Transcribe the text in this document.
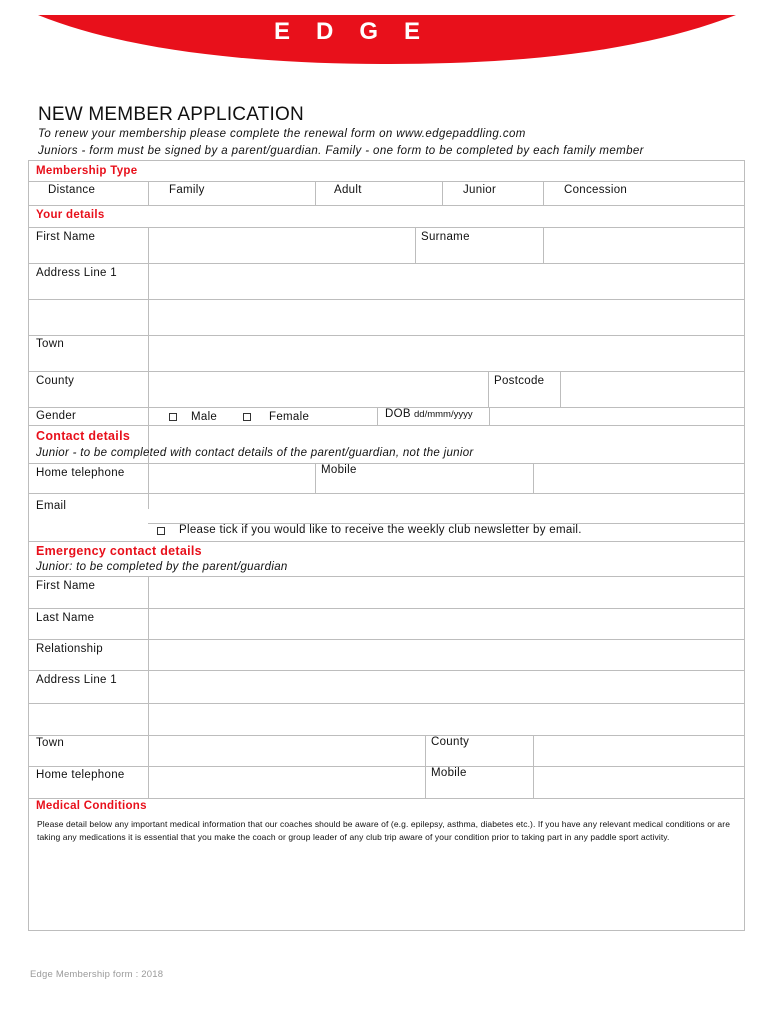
EDGE
NEW MEMBER APPLICATION
To renew your membership please complete the renewal form on www.edgepaddling.com
Juniors - form must be signed by a parent/guardian. Family - one form to be completed by each family member
Membership Type
Distance	Family	Adult	Junior	Concession
Your details
First Name	Surname
Address Line 1
Town
County	Postcode
Gender	Male	Female	DOB dd/mmm/yyyy
Contact details
Junior - to be completed with contact details of the parent/guardian, not the junior
Home telephone	Mobile
Email
Please tick if you would like to receive the weekly club newsletter by email.
Emergency contact details
Junior: to be completed by the parent/guardian
First Name
Last Name
Relationship
Address Line 1
Town	County
Home telephone	Mobile
Medical Conditions
Please detail below any important medical information that our coaches should be aware of (e.g. epilepsy, asthma, diabetes etc.). If you have any relevant medical conditions or are taking any medications it is essential that you make the coach or group leader of any club trip aware of your condition prior to taking part in any paddle sport activity.
Edge Membership form : 2018
